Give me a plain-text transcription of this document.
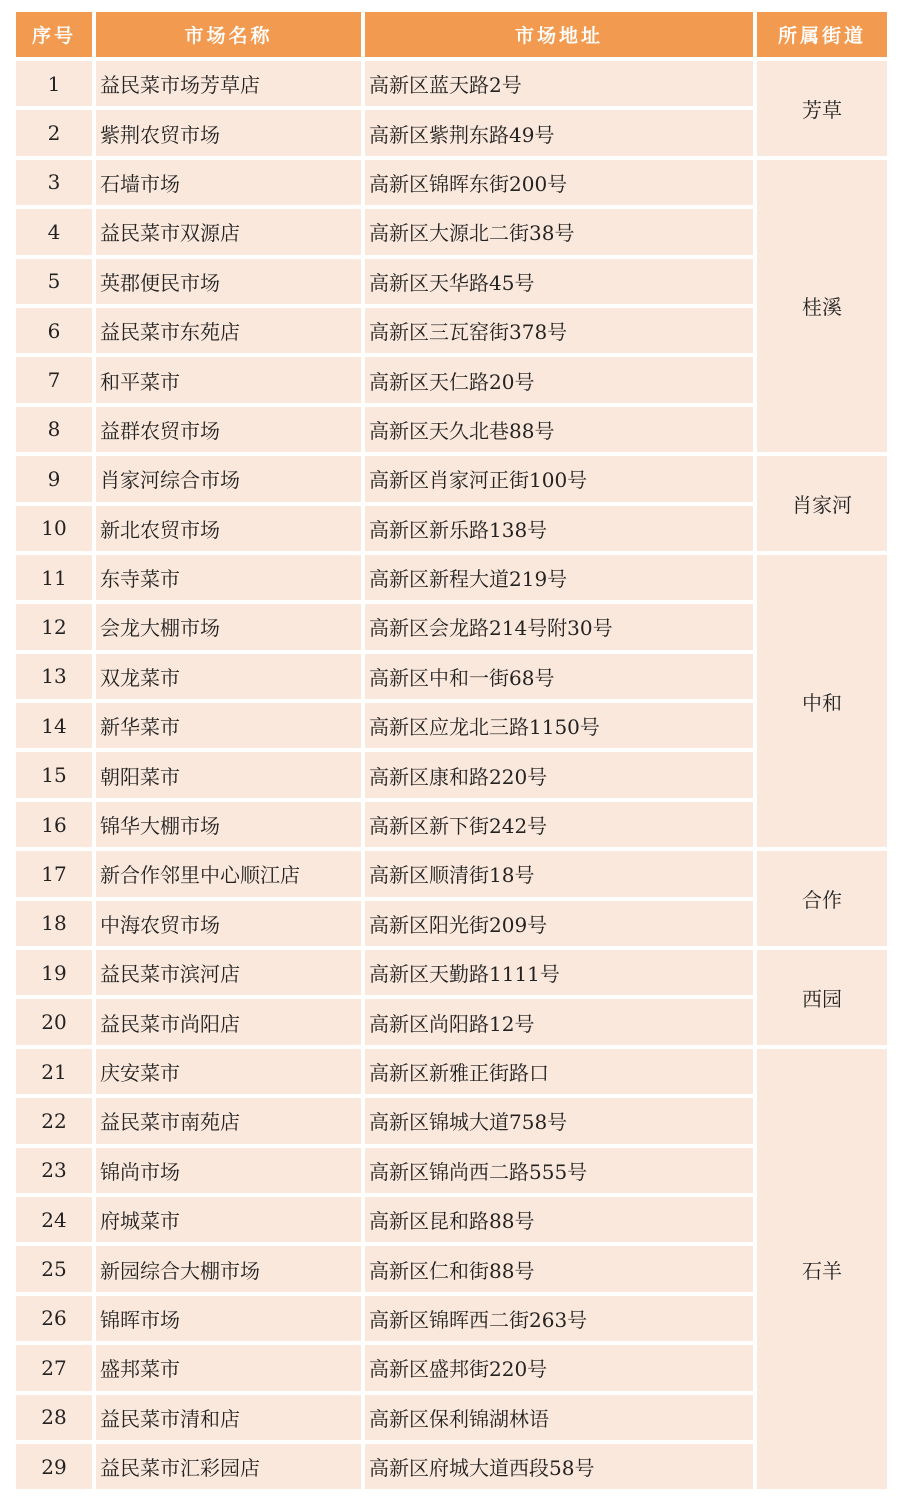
序号	市场名称	市场地址	所属街道
1	益民菜市场芳草店	高新区蓝天路2号	芳草
2	紫荆农贸市场	高新区紫荆东路49号	
3	石墙市场	高新区锦晖东街200号	桂溪
4	益民菜市双源店	高新区大源北二街38号	
5	英郡便民市场	高新区天华路45号	
6	益民菜市东苑店	高新区三瓦窑街378号	
7	和平菜市	高新区天仁路20号	
8	益群农贸市场	高新区天久北巷88号	
9	肖家河综合市场	高新区肖家河正街100号	肖家河
10	新北农贸市场	高新区新乐路138号	
11	东寺菜市	高新区新程大道219号	中和
12	会龙大棚市场	高新区会龙路214号附30号	
13	双龙菜市	高新区中和一街68号	
14	新华菜市	高新区应龙北三路1150号	
15	朝阳菜市	高新区康和路220号	
16	锦华大棚市场	高新区新下街242号	
17	新合作邻里中心顺江店	高新区顺清街18号	合作
18	中海农贸市场	高新区阳光街209号	
19	益民菜市滨河店	高新区天勤路1111号	西园
20	益民菜市尚阳店	高新区尚阳路12号	
21	庆安菜市	高新区新雅正街路口	石羊
22	益民菜市南苑店	高新区锦城大道758号	
23	锦尚市场	高新区锦尚西二路555号	
24	府城菜市	高新区昆和路88号	
25	新园综合大棚市场	高新区仁和街88号	
26	锦晖市场	高新区锦晖西二街263号	
27	盛邦菜市	高新区盛邦街220号	
28	益民菜市清和店	高新区保利锦湖林语	
29	益民菜市汇彩园店	高新区府城大道西段58号	
